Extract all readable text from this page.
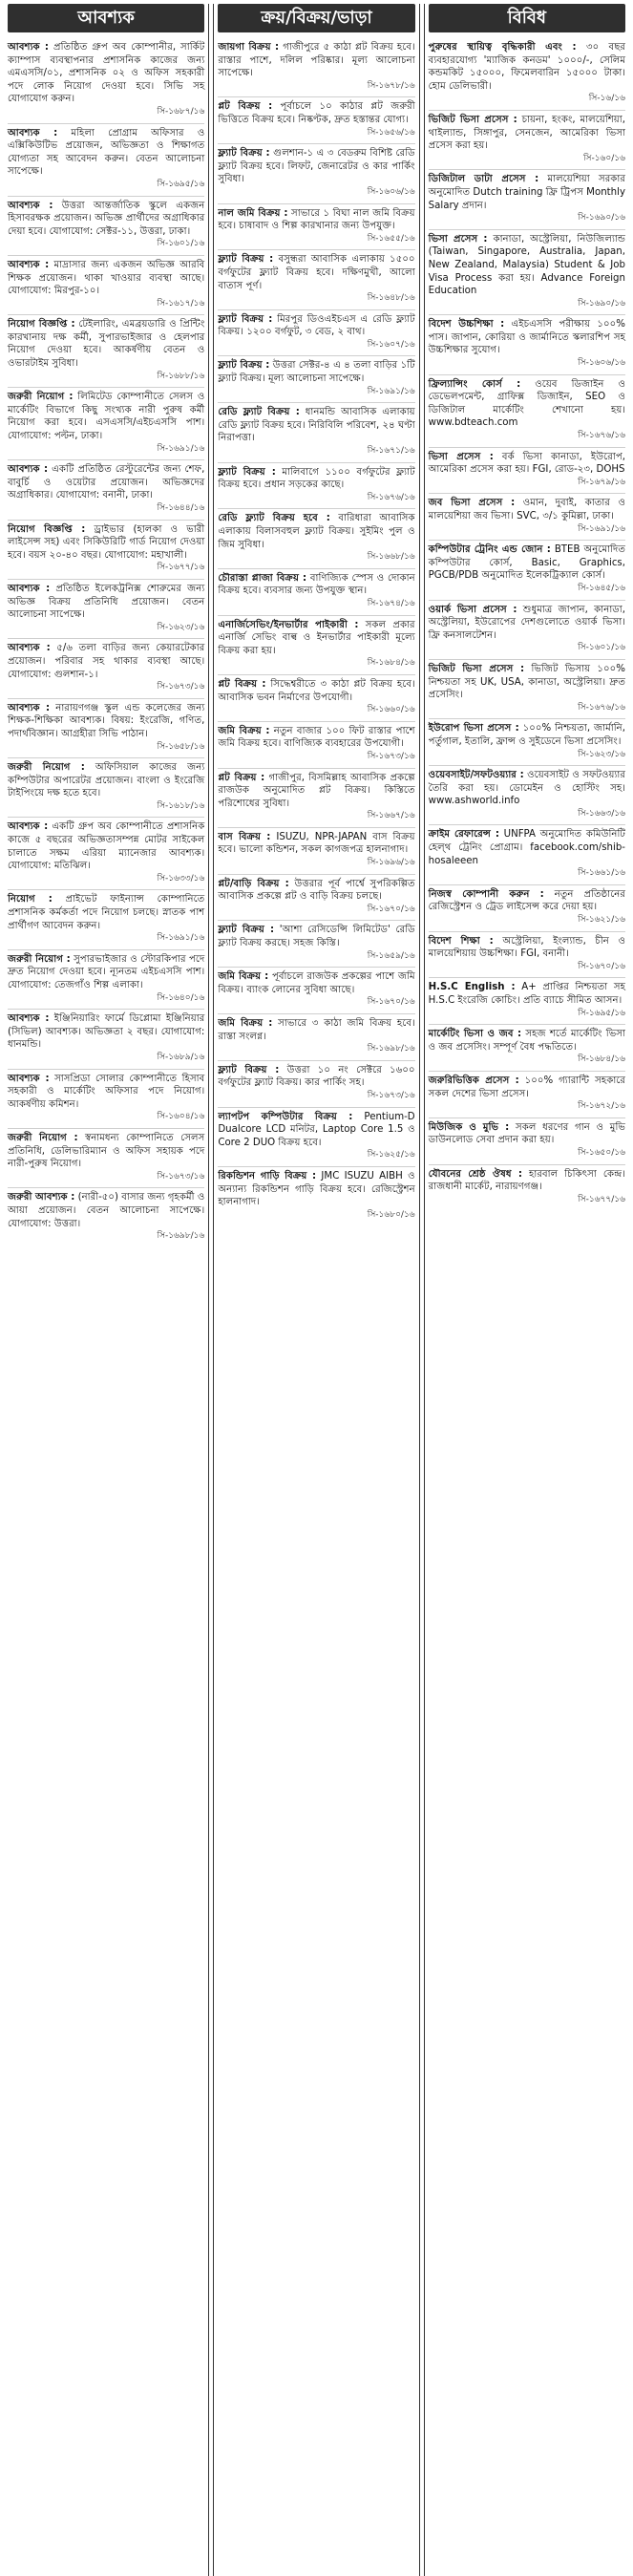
আবশ্যক
আবশ্যক : প্রতিষ্ঠিত গ্রুপ অব কোম্পানীর, সার্কিট ক্যাম্পাস ব্যবস্থাপনার প্রশাসনিক কাজের জন্য এমএসসি/০১, প্রশাসনিক ০২ ও অফিস সহকারী পদে লোক নিয়োগ দেওয়া হবে। সিভি সহ যোগাযোগ করুন।
সি-১৬৮৭/১৬
আবশ্যক : মহিলা প্রোগ্রাম অফিসার ও এক্সিকিউটিভ প্রয়োজন, অভিজ্ঞতা ও শিক্ষাগত যোগ্যতা সহ আবেদন করুন। বেতন আলোচনা সাপেক্ষে।
সি-১৬৯৫/১৬
আবশ্যক : উত্তরা আন্তর্জাতিক স্কুলে একজন হিসাবরক্ষক প্রয়োজন। অভিজ্ঞ প্রার্থীদের অগ্রাধিকার দেয়া হবে। যোগাযোগ: সেক্টর-১১, উত্তরা, ঢাকা।
সি-১৬০১/১৬
আবশ্যক : মাদ্রাসার জন্য একজন অভিজ্ঞ আরবি শিক্ষক প্রয়োজন। থাকা খাওয়ার ব্যবস্থা আছে। যোগাযোগ: মিরপুর-১০।
সি-১৬১৭/১৬
নিয়োগ বিজ্ঞপ্তি : টেইলারিং, এমব্রয়ডারি ও প্রিন্টিং কারখানায় দক্ষ কর্মী, সুপারভাইজার ও হেলপার নিয়োগ দেওয়া হবে। আকর্ষণীয় বেতন ও ওভারটাইম সুবিধা।
সি-১৬৮৮/১৬
জরুরী নিয়োগ : লিমিটেড কোম্পানীতে সেলস ও মার্কেটিং বিভাগে কিছু সংখ্যক নারী পুরুষ কর্মী নিয়োগ করা হবে। এসএসসি/এইচএসসি পাশ। যোগাযোগ: পল্টন, ঢাকা।
সি-১৬৯১/১৬
আবশ্যক : একটি প্রতিষ্ঠিত রেস্টুরেন্টের জন্য শেফ, বাবুর্চি ও ওয়েটার প্রয়োজন। অভিজ্ঞদের অগ্রাধিকার। যোগাযোগ: বনানী, ঢাকা।
সি-১৬৪৪/১৬
নিয়োগ বিজ্ঞপ্তি : ড্রাইভার (হালকা ও ভারী লাইসেন্স সহ) এবং সিকিউরিটি গার্ড নিয়োগ দেওয়া হবে। বয়স ২০-৪০ বছর। যোগাযোগ: মহাখালী।
সি-১৬৭৭/১৬
আবশ্যক : প্রতিষ্ঠিত ইলেকট্রনিক্স শোরুমের জন্য অভিজ্ঞ বিক্রয় প্রতিনিধি প্রয়োজন। বেতন আলোচনা সাপেক্ষে।
সি-১৬২৩/১৬
আবশ্যক : ৫/৬ তলা বাড়ির জন্য কেয়ারটেকার প্রয়োজন। পরিবার সহ থাকার ব্যবস্থা আছে। যোগাযোগ: গুলশান-১।
সি-১৬৭৩/১৬
আবশ্যক : নারায়ণগঞ্জ স্কুল এন্ড কলেজের জন্য শিক্ষক-শিক্ষিকা আবশ্যক। বিষয়: ইংরেজি, গণিত, পদার্থবিজ্ঞান। আগ্রহীরা সিভি পাঠান।
সি-১৬৫৮/১৬
জরুরী নিয়োগ : অফিসিয়াল কাজের জন্য কম্পিউটার অপারেটর প্রয়োজন। বাংলা ও ইংরেজি টাইপিংয়ে দক্ষ হতে হবে।
সি-১৬১৮/১৬
আবশ্যক : একটি গ্রুপ অব কোম্পানীতে প্রশাসনিক কাজে ৫ বছরের অভিজ্ঞতাসম্পন্ন মোটর সাইকেল চালাতে সক্ষম এরিয়া ম্যানেজার আবশ্যক। যোগাযোগ: মতিঝিল।
সি-১৬৩৩/১৬
নিয়োগ : প্রাইভেট ফাইন্যান্স কোম্পানিতে প্রশাসনিক কর্মকর্তা পদে নিয়োগ চলছে। স্নাতক পাশ প্রার্থীগণ আবেদন করুন।
সি-১৬৯১/১৬
জরুরী নিয়োগ : সুপারভাইজার ও স্টোরকিপার পদে দ্রুত নিয়োগ দেওয়া হবে। ন্যূনতম এইচএসসি পাশ। যোগাযোগ: তেজগাঁও শিল্প এলাকা।
সি-১৬৪০/১৬
আবশ্যক : ইঞ্জিনিয়ারিং ফার্মে ডিপ্লোমা ইঞ্জিনিয়ার (সিভিল) আবশ্যক। অভিজ্ঞতা ২ বছর। যোগাযোগ: ধানমন্ডি।
সি-১৬৮৯/১৬
আবশ্যক : সাসপ্রিডা সোলার কোম্পানীতে হিসাব সহকারী ও মার্কেটিং অফিসার পদে নিয়োগ। আকর্ষণীয় কমিশন।
সি-১৬০৪/১৬
জরুরী নিয়োগ : স্বনামধন্য কোম্পানিতে সেলস প্রতিনিধি, ডেলিভারিম্যান ও অফিস সহায়ক পদে নারী-পুরুষ নিয়োগ।
সি-১৬৭৩/১৬
জরুরী আবশ্যক : (নারী-৫০) বাসার জন্য গৃহকর্মী ও আয়া প্রয়োজন। বেতন আলোচনা সাপেক্ষে। যোগাযোগ: উত্তরা।
সি-১৬৯৮/১৬
ক্রয়/বিক্রয়/ভাড়া
জায়গা বিক্রয় : গাজীপুরে ৫ কাঠা প্লট বিক্রয় হবে। রাস্তার পাশে, দলিল পরিষ্কার। মূল্য আলোচনা সাপেক্ষে।
সি-১৬৭৮/১৬
প্লট বিক্রয় : পূর্বাচলে ১০ কাঠার প্লট জরুরী ভিত্তিতে বিক্রয় হবে। নিষ্কণ্টক, দ্রুত হস্তান্তর যোগ্য।
সি-১৬৫৬/১৬
ফ্ল্যাট বিক্রয় : গুলশান-১ এ ৩ বেডরুম বিশিষ্ট রেডি ফ্ল্যাট বিক্রয় হবে। লিফট, জেনারেটর ও কার পার্কিং সুবিধা।
সি-১৬০৬/১৬
নাল জমি বিক্রয় : সাভারে ১ বিঘা নাল জমি বিক্রয় হবে। চাষাবাদ ও শিল্প কারখানার জন্য উপযুক্ত।
সি-১৬৫৫/১৬
ফ্ল্যাট বিক্রয় : বসুন্ধরা আবাসিক এলাকায় ১৫০০ বর্গফুটের ফ্ল্যাট বিক্রয় হবে। দক্ষিণমুখী, আলো বাতাস পূর্ণ।
সি-১৬৪৮/১৬
ফ্ল্যাট বিক্রয় : মিরপুর ডিওএইচএস এ রেডি ফ্ল্যাট বিক্রয়। ১২০০ বর্গফুট, ৩ বেড, ২ বাথ।
সি-১৬০৭/১৬
ফ্ল্যাট বিক্রয় : উত্তরা সেক্টর-৪ এ ৪ তলা বাড়ির ১টি ফ্ল্যাট বিক্রয়। মূল্য আলোচনা সাপেক্ষে।
সি-১৬৯১/১৬
রেডি ফ্ল্যাট বিক্রয় : ধানমন্ডি আবাসিক এলাকায় রেডি ফ্ল্যাট বিক্রয় হবে। নিরিবিলি পরিবেশ, ২৪ ঘণ্টা নিরাপত্তা।
সি-১৬৭১/১৬
ফ্ল্যাট বিক্রয় : মালিবাগে ১১০০ বর্গফুটের ফ্ল্যাট বিক্রয় হবে। প্রধান সড়কের কাছে।
সি-১৬৭৬/১৬
রেডি ফ্ল্যাট বিক্রয় হবে : বারিধারা আবাসিক এলাকায় বিলাসবহুল ফ্ল্যাট বিক্রয়। সুইমিং পুল ও জিম সুবিধা।
সি-১৬৬৮/১৬
চৌরাস্তা প্লাজা বিক্রয় : বাণিজ্যিক স্পেস ও দোকান বিক্রয় হবে। ব্যবসার জন্য উপযুক্ত স্থান।
সি-১৬৭৪/১৬
এনার্জিসেভিং/ইনভার্টার পাইকারী : সকল প্রকার এনার্জি সেভিং বাল্ব ও ইনভার্টার পাইকারী মূল্যে বিক্রয় করা হয়।
সি-১৬৮৪/১৬
প্লট বিক্রয় : সিদ্ধেশ্বরীতে ৩ কাঠা প্লট বিক্রয় হবে। আবাসিক ভবন নির্মাণের উপযোগী।
সি-১৬৬০/১৬
জমি বিক্রয় : নতুন বাজার ১০০ ফিট রাস্তার পাশে জমি বিক্রয় হবে। বাণিজ্যিক ব্যবহারের উপযোগী।
সি-১৬৭৩/১৬
প্লট বিক্রয় : গাজীপুর, বিসমিল্লাহ আবাসিক প্রকল্পে রাজউক অনুমোদিত প্লট বিক্রয়। কিস্তিতে পরিশোধের সুবিধা।
সি-১৬৬৭/১৬
বাস বিক্রয় : ISUZU, NPR-JAPAN বাস বিক্রয় হবে। ভালো কন্ডিশন, সকল কাগজপত্র হালনাগাদ।
সি-১৬৯৬/১৬
প্লট/বাড়ি বিক্রয় : উত্তরার পূর্ব পার্শ্বে সুপরিকল্পিত আবাসিক প্রকল্পে প্লট ও বাড়ি বিক্রয় চলছে।
সি-১৬৭০/১৬
ফ্ল্যাট বিক্রয় : 'আশা রেসিডেন্সি লিমিটেড' রেডি ফ্ল্যাট বিক্রয় করছে। সহজ কিস্তি।
সি-১৬৫৯/১৬
জমি বিক্রয় : পূর্বাচলে রাজউক প্রকল্পের পাশে জমি বিক্রয়। ব্যাংক লোনের সুবিধা আছে।
সি-১৬৭০/১৬
জমি বিক্রয় : সাভারে ৩ কাঠা জমি বিক্রয় হবে। রাস্তা সংলগ্ন।
সি-১৬৯৮/১৬
ফ্ল্যাট বিক্রয় : উত্তরা ১০ নং সেক্টরে ১৬০০ বর্গফুটের ফ্ল্যাট বিক্রয়। কার পার্কিং সহ।
সি-১৬৭৩/১৬
ল্যাপটপ কম্পিউটার বিক্রয় : Pentium-D Dualcore LCD মনিটর, Laptop Core 1.5 ও Core 2 DUO বিক্রয় হবে।
সি-১৬২৫/১৬
রিকন্ডিশন গাড়ি বিক্রয় : JMC ISUZU AIBH ও অন্যান্য রিকন্ডিশন গাড়ি বিক্রয় হবে। রেজিস্ট্রেশন হালনাগাদ।
সি-১৬৮০/১৬
বিবিধ
পুরুষের স্থায়িত্ব বৃদ্ধিকারী এবং : ৩০ বছর ব্যবহারযোগ্য 'ম্যাজিক কনডম' ১০০০/-, সেলিম কন্ডমকিট ১৫০০০, ফিমেলবারিন ১৫০০০ টাকা। হোম ডেলিভারী।
সি-১৬/১৬
ভিজিট ভিসা প্রসেস : চায়না, হংকং, মালয়েশিয়া, থাইল্যান্ড, সিঙ্গাপুর, সেনজেন, আমেরিকা ভিসা প্রসেস করা হয়।
সি-১৬০/১৬
ডিজিটাল ডাটা প্রসেস : মালয়েশিয়া সরকার অনুমোদিত Dutch training ফ্রি ট্রিপস Monthly Salary প্রদান।
সি-১৬৯০/১৬
ভিসা প্রসেস : কানাডা, অস্ট্রেলিয়া, নিউজিল্যান্ড (Taiwan, Singapore, Australia, Japan, New Zealand, Malaysia) Student & Job Visa Process করা হয়। Advance Foreign Education
সি-১৬৯০/১৬
বিদেশ উচ্চশিক্ষা : এইচএসসি পরীক্ষায় ১০০% পাস। জাপান, কোরিয়া ও জার্মানিতে স্কলারশিপ সহ উচ্চশিক্ষার সুযোগ।
সি-১৬০৬/১৬
ফ্রিল্যান্সিং কোর্স : ওয়েব ডিজাইন ও ডেভেলপমেন্ট, গ্রাফিক্স ডিজাইন, SEO ও ডিজিটাল মার্কেটিং শেখানো হয়। www.bdteach.com
সি-১৬৭৬/১৬
ভিসা প্রসেস : বর্ক ভিসা কানাডা, ইউরোপ, আমেরিকা প্রসেস করা হয়। FGI, রোড-২৩, DOHS
সি-১৬৭৯/১৬
জব ভিসা প্রসেস : ওমান, দুবাই, কাতার ও মালয়েশিয়া জব ভিসা। SVC, ৩/১ কুমিল্লা, ঢাকা।
সি-১৬৯১/১৬
কম্পিউটার ট্রেনিং এন্ড জোন : BTEB অনুমোদিত কম্পিউটার কোর্স, Basic, Graphics, PGCB/PDB অনুমোদিত ইলেকট্রিক্যাল কোর্স।
সি-১৬৪৫/১৬
ওয়ার্ক ভিসা প্রসেস : শুধুমাত্র জাপান, কানাডা, অস্ট্রেলিয়া, ইউরোপের দেশগুলোতে ওয়ার্ক ভিসা। ফ্রি কনসালটেশন।
সি-১৬০১/১৬
ভিজিট ভিসা প্রসেস : ভিজিট ভিসায় ১০০% নিশ্চয়তা সহ UK, USA, কানাডা, অস্ট্রেলিয়া। দ্রুত প্রসেসিং।
সি-১৬৭৬/১৬
ইউরোপ ভিসা প্রসেস : ১০০% নিশ্চয়তা, জার্মানি, পর্তুগাল, ইতালি, ফ্রান্স ও সুইডেনে ভিসা প্রসেসিং।
সি-১৬২৩/১৬
ওয়েবসাইট/সফটওয়্যার : ওয়েবসাইট ও সফটওয়্যার তৈরি করা হয়। ডোমেইন ও হোস্টিং সহ। www.ashworld.info
সি-১৬৬৩/১৬
ক্রাইম রেফারেন্স : UNFPA অনুমোদিত কমিউনিটি হেল্‌থ ট্রেনিং প্রোগ্রাম। facebook.com/shib-hosaleeen
সি-১৬৬১/১৬
নিজস্ব কোম্পানী করুন : নতুন প্রতিষ্ঠানের রেজিস্ট্রেশন ও ট্রেড লাইসেন্স করে দেয়া হয়।
সি-১৬২১/১৬
বিদেশ শিক্ষা : অস্ট্রেলিয়া, ইংল্যান্ড, চীন ও মালয়েশিয়ায় উচ্চশিক্ষা। FGI, বনানী।
সি-১৬৭০/১৬
H.S.C English : A+ প্রাপ্তির নিশ্চয়তা সহ H.S.C ইংরেজি কোচিং। প্রতি ব্যাচে সীমিত আসন।
সি-১৬৯৫/১৬
মার্কেটিং ভিসা ও জব : সহজ শর্তে মার্কেটিং ভিসা ও জব প্রসেসিং। সম্পূর্ণ বৈধ পদ্ধতিতে।
সি-১৬৮৪/১৬
জরুরিভিত্তিক প্রসেস : ১০০% গ্যারান্টি সহকারে সকল দেশের ভিসা প্রসেস।
সি-১৬৭২/১৬
মিউজিক ও মুভি : সকল ধরণের গান ও মুভি ডাউনলোড সেবা প্রদান করা হয়।
সি-১৬৫০/১৬
যৌবনের শ্রেষ্ঠ ঔষধ : হারবাল চিকিৎসা কেন্দ্র। রাজধানী মার্কেট, নারায়ণগঞ্জ।
সি-১৬৭৭/১৬
